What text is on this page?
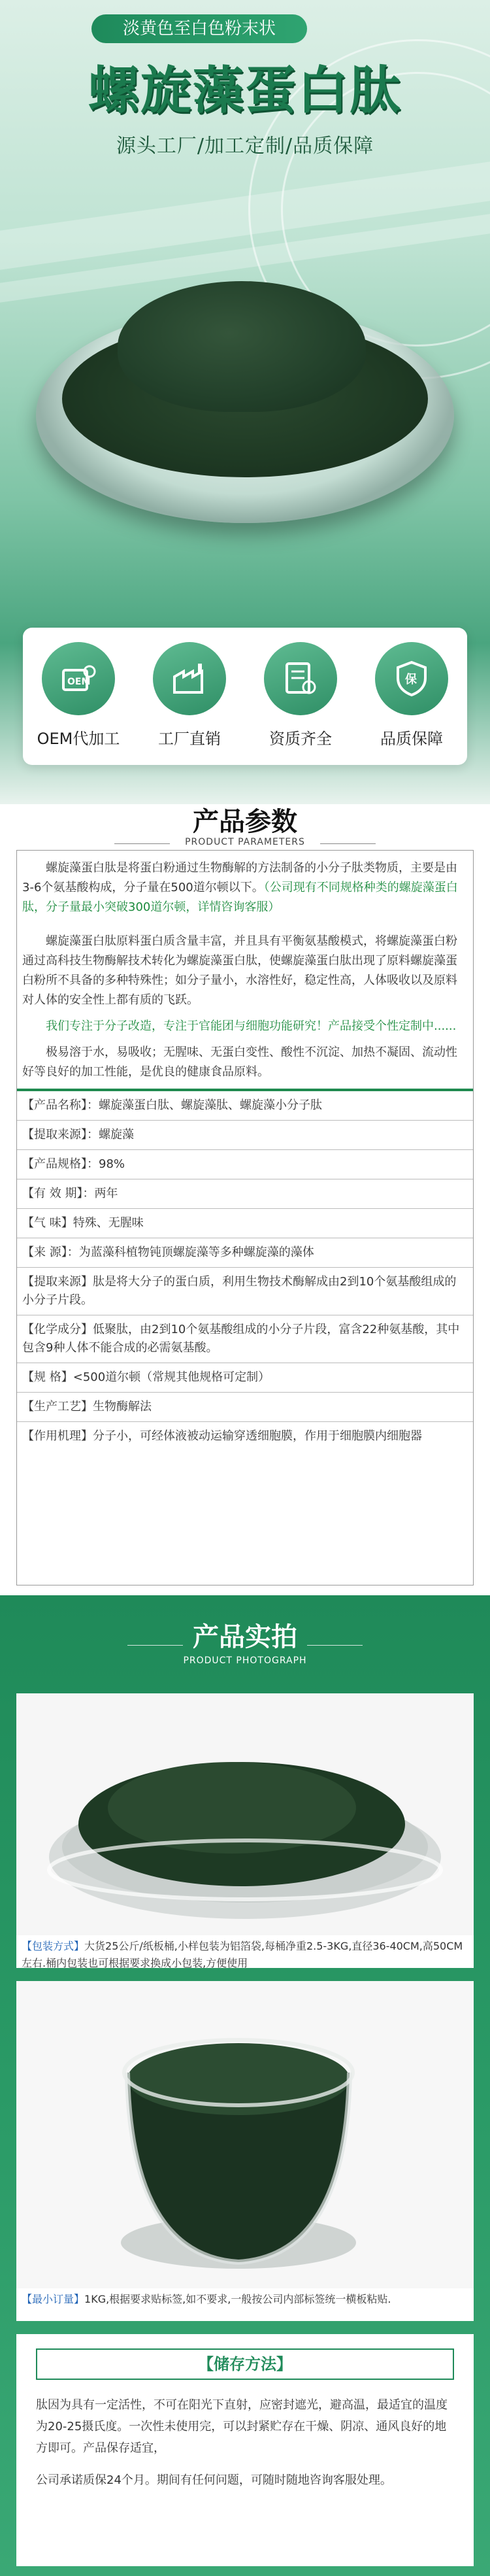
淡黄色至白色粉末状
螺旋藻蛋白肽
源头工厂/加工定制/品质保障
OEM
OEM代加工	工厂直销	资质齐全
保
品质保障
产品参数
PRODUCT PARAMETERS

螺旋藻蛋白肽是将蛋白粉通过生物酶解的方法制备的小分子肽类物质，主要是由3-6个氨基酸构成，分子量在500道尔顿以下。（公司现有不同规格种类的螺旋藻蛋白肽，分子量最小突破300道尔顿，详情咨询客服）

螺旋藻蛋白肽原料蛋白质含量丰富，并且具有平衡氨基酸模式，将螺旋藻蛋白粉通过高科技生物酶解技术转化为螺旋藻蛋白肽，使螺旋藻蛋白肽出现了原料螺旋藻蛋白粉所不具备的多种特殊性；如分子量小，水溶性好，稳定性高，人体吸收以及原料对人体的安全性上都有质的飞跃。

我们专注于分子改造，专注于官能团与细胞功能研究！产品接受个性定制中......

极易溶于水，易吸收；无腥味、无蛋白变性、酸性不沉淀、加热不凝固、流动性好等良好的加工性能，是优良的健康食品原料。

【产品名称】：螺旋藻蛋白肽、螺旋藻肽、螺旋藻小分子肽
【提取来源】：螺旋藻
【产品规格】：98%
【有 效 期】：两年
【气 味】特殊、无腥味
【来 源】：为蓝藻科植物钝顶螺旋藻等多种螺旋藻的藻体
【提取来源】肽是将大分子的蛋白质，利用生物技术酶解成由2到10个氨基酸组成的小分子片段。
【化学成分】低聚肽，由2到10个氨基酸组成的小分子片段，富含22种氨基酸，其中包含9种人体不能合成的必需氨基酸。
【规 格】<500道尔顿（常规其他规格可定制）
【生产工艺】生物酶解法
【作用机理】分子小，可经体液被动运输穿透细胞膜，作用于细胞膜内细胞器
产品实拍
PRODUCT PHOTOGRAPH
【包装方式】大货25公斤/纸板桶,小样包装为铝箔袋,每桶净重2.5-3KG,直径36-40CM,高50CM左右.桶内包装也可根据要求换成小包装,方便使用
【最小订量】1KG,根据要求贴标签,如不要求,一般按公司内部标签统一横板粘贴.
【储存方法】

肽因为具有一定活性，不可在阳光下直射，应密封遮光，避高温，最适宜的温度为20-25摄氏度。一次性未使用完，可以封紧贮存在干燥、阴凉、通风良好的地方即可。产品保存适宜，

公司承诺质保24个月。期间有任何问题，可随时随地咨询客服处理。
